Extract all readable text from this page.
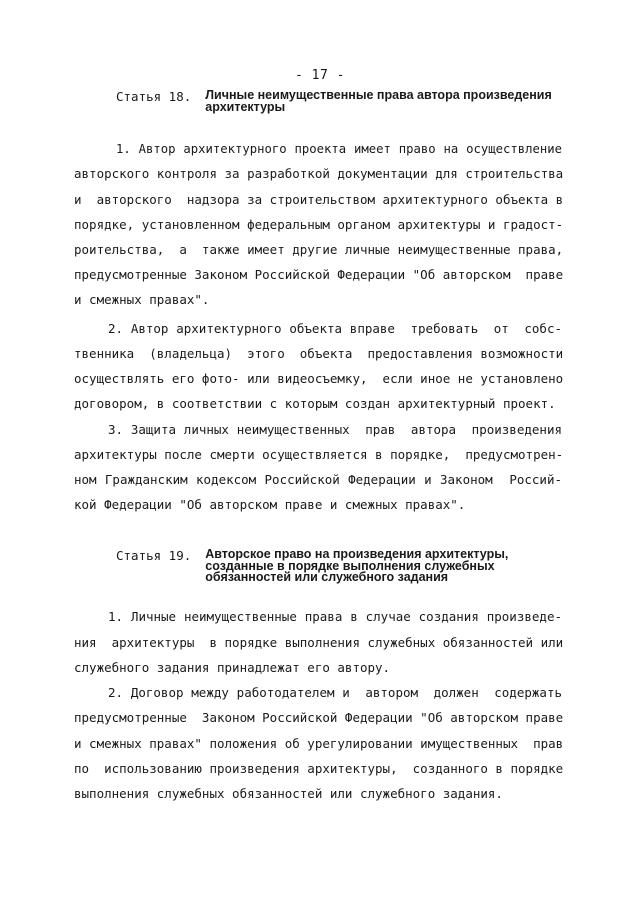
- 17 -
Статья 18. Личные неимущественные права автора произведения архитектуры
1. Автор архитектурного проекта имеет право на осуществление
авторского контроля за разработкой документации для строительства
и  авторского  надзора за строительством архитектурного объекта в
порядке, установленном федеральным органом архитектуры и градост-
роительства,  а  также имеет другие личные неимущественные права,
предусмотренные Законом Российской Федерации "Об авторском  праве
и смежных правах".
2. Автор архитектурного объекта вправе  требовать  от  собс-
твенника  (владельца)  этого  объекта  предоставления возможности
осуществлять его фото- или видеосъемку,  если иное не установлено
договором, в соответствии с которым создан архитектурный проект.
3. Защита личных неимущественных  прав  автора  произведения
архитектуры после смерти осуществляется в порядке,  предусмотрен-
ном Гражданским кодексом Российской Федерации и Законом  Россий-
кой Федерации "Об авторском праве и смежных правах".
Статья 19. Авторское право на произведения архитектуры, созданные в порядке выполнения служебных обязанностей или служебного задания
1. Личные неимущественные права в случае создания произведе-
ния  архитектуры  в порядке выполнения служебных обязанностей или
служебного задания принадлежат его автору.
2. Договор между работодателем и  автором  должен  содержать
предусмотренные  Законом Российской Федерации "Об авторском праве
и смежных правах" положения об урегулировании имущественных  прав
по  использованию произведения архитектуры,  созданного в порядке
выполнения служебных обязанностей или служебного задания.
